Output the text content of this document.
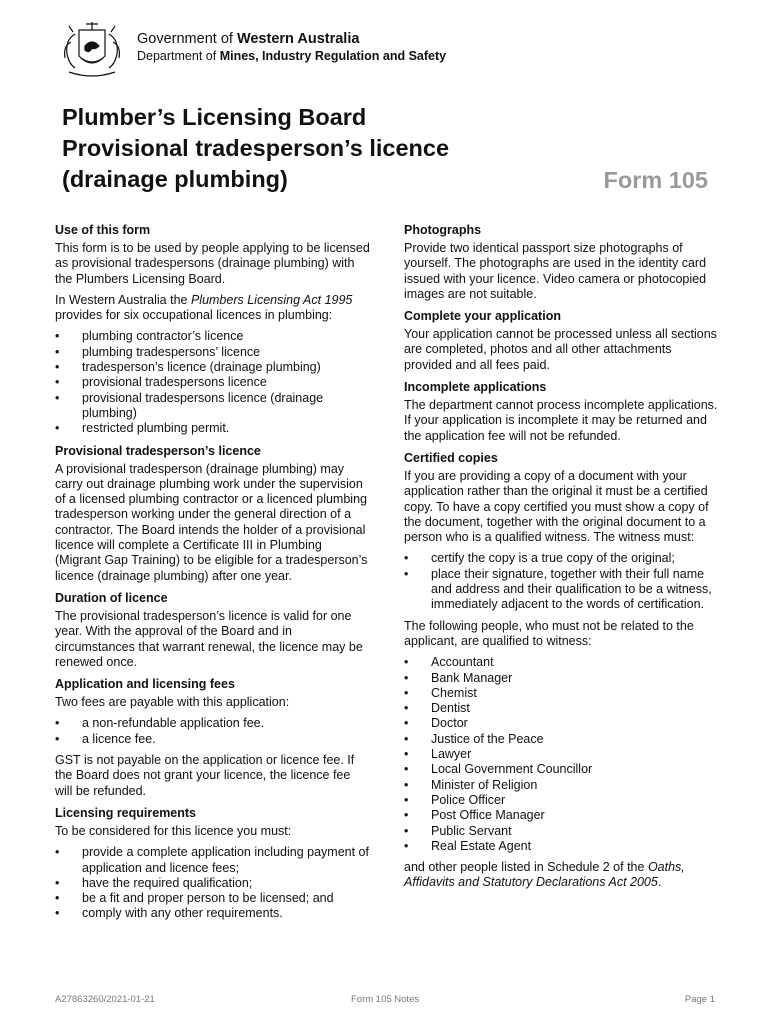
Government of Western Australia
Department of Mines, Industry Regulation and Safety
Plumber’s Licensing Board
Provisional tradesperson’s licence
(drainage plumbing)	Form 105
Use of this form

This form is to be used by people applying to be licensed as provisional tradespersons (drainage plumbing) with the Plumbers Licensing Board.

In Western Australia the Plumbers Licensing Act 1995 provides for six occupational licences in plumbing:

• plumbing contractor’s licence
• plumbing tradespersons’ licence
• tradesperson’s licence (drainage plumbing)
• provisional tradespersons licence
• provisional tradespersons licence (drainage plumbing)
• restricted plumbing permit.
Provisional tradesperson’s licence

A provisional tradesperson (drainage plumbing) may carry out drainage plumbing work under the supervision of a licensed plumbing contractor or a licenced plumbing tradesperson working under the general direction of a contractor. The Board intends the holder of a provisional licence will complete a Certificate III in Plumbing (Migrant Gap Training) to be eligible for a tradesperson’s licence (drainage plumbing) after one year.

Duration of licence

The provisional tradesperson’s licence is valid for one year. With the approval of the Board and in circumstances that warrant renewal, the licence may be renewed once.

Application and licensing fees

Two fees are payable with this application:

• a non-refundable application fee.
• a licence fee.

GST is not payable on the application or licence fee. If the Board does not grant your licence, the licence fee will be refunded.

Licensing requirements

To be considered for this licence you must:

• provide a complete application including payment of application and licence fees;
• have the required qualification;
• be a fit and proper person to be licensed; and
• comply with any other requirements.
Photographs

Provide two identical passport size photographs of yourself. The photographs are used in the identity card issued with your licence. Video camera or photocopied images are not suitable.

Complete your application

Your application cannot be processed unless all sections are completed, photos and all other attachments provided and all fees paid.

Incomplete applications

The department cannot process incomplete applications. If your application is incomplete it may be returned and the application fee will not be refunded.

Certified copies

If you are providing a copy of a document with your application rather than the original it must be a certified copy. To have a copy certified you must show a copy of the document, together with the original document to a person who is a qualified witness. The witness must:

• certify the copy is a true copy of the original;
• place their signature, together with their full name and address and their qualification to be a witness, immediately adjacent to the words of certification.

The following people, who must not be related to the applicant, are qualified to witness:

• Accountant
• Bank Manager
• Chemist
• Dentist
• Doctor
• Justice of the Peace
• Lawyer
• Local Government Councillor
• Minister of Religion
• Police Officer
• Post Office Manager
• Public Servant
• Real Estate Agent

and other people listed in Schedule 2 of the Oaths, Affidavits and Statutory Declarations Act 2005.

A27863260/2021-01-21	Form 105 Notes	Page 1
